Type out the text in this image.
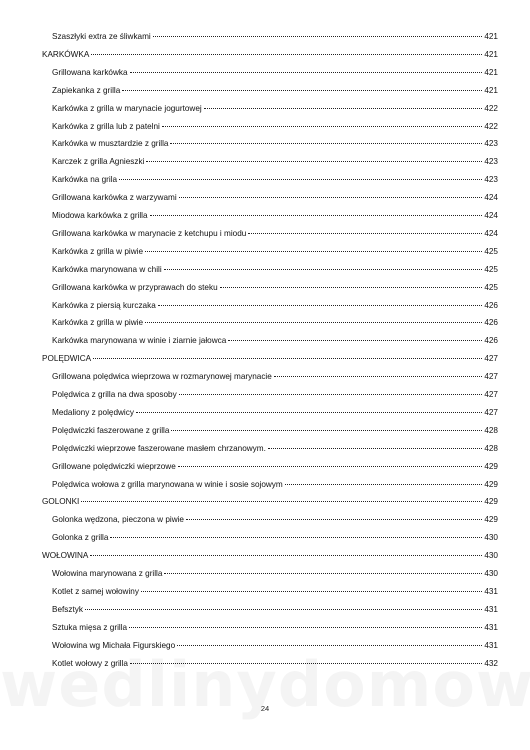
Szaszłyki extra ze śliwkami	421
KARKÓWKA	421
Grillowana karkówka	421
Zapiekanka z grilla	421
Karkówka z grilla w marynacie jogurtowej	422
Karkówka z grilla lub z patelni	422
Karkówka w musztardzie z grilla	423
Karczek z grilla Agnieszki	423
Karkówka na grila	423
Grillowana karkówka z warzywami	424
Miodowa karkówka z grilla	424
Grillowana karkówka w marynacie z ketchupu i miodu	424
Karkówka z grilla w piwie	425
Karkówka marynowana w chili	425
Grillowana karkówka w przyprawach do steku	425
Karkówka z piersią kurczaka	426
Karkówka z grilla w piwie	426
Karkówka marynowana w winie i ziarnie jałowca	426
POLĘDWICA	427
Grillowana polędwica wieprzowa w rozmarynowej marynacie	427
Polędwica z grilla na dwa sposoby	427
Medaliony z polędwicy	427
Polędwiczki faszerowane z grilla	428
Polędwiczki wieprzowe faszerowane masłem chrzanowym.	428
Grillowane polędwiczki wieprzowe	429
Polędwica wołowa z grilla marynowana w winie i sosie sojowym	429
GOLONKI	429
Golonka wędzona, pieczona w piwie	429
Golonka z grilla	430
WOŁOWINA	430
Wołowina marynowana z grilla	430
Kotlet z samej wołowiny	431
Befsztyk	431
Sztuka mięsa z grilla	431
Wołowina wg Michała Figurskiego	431
Kotlet wołowy z grilla	432
24
